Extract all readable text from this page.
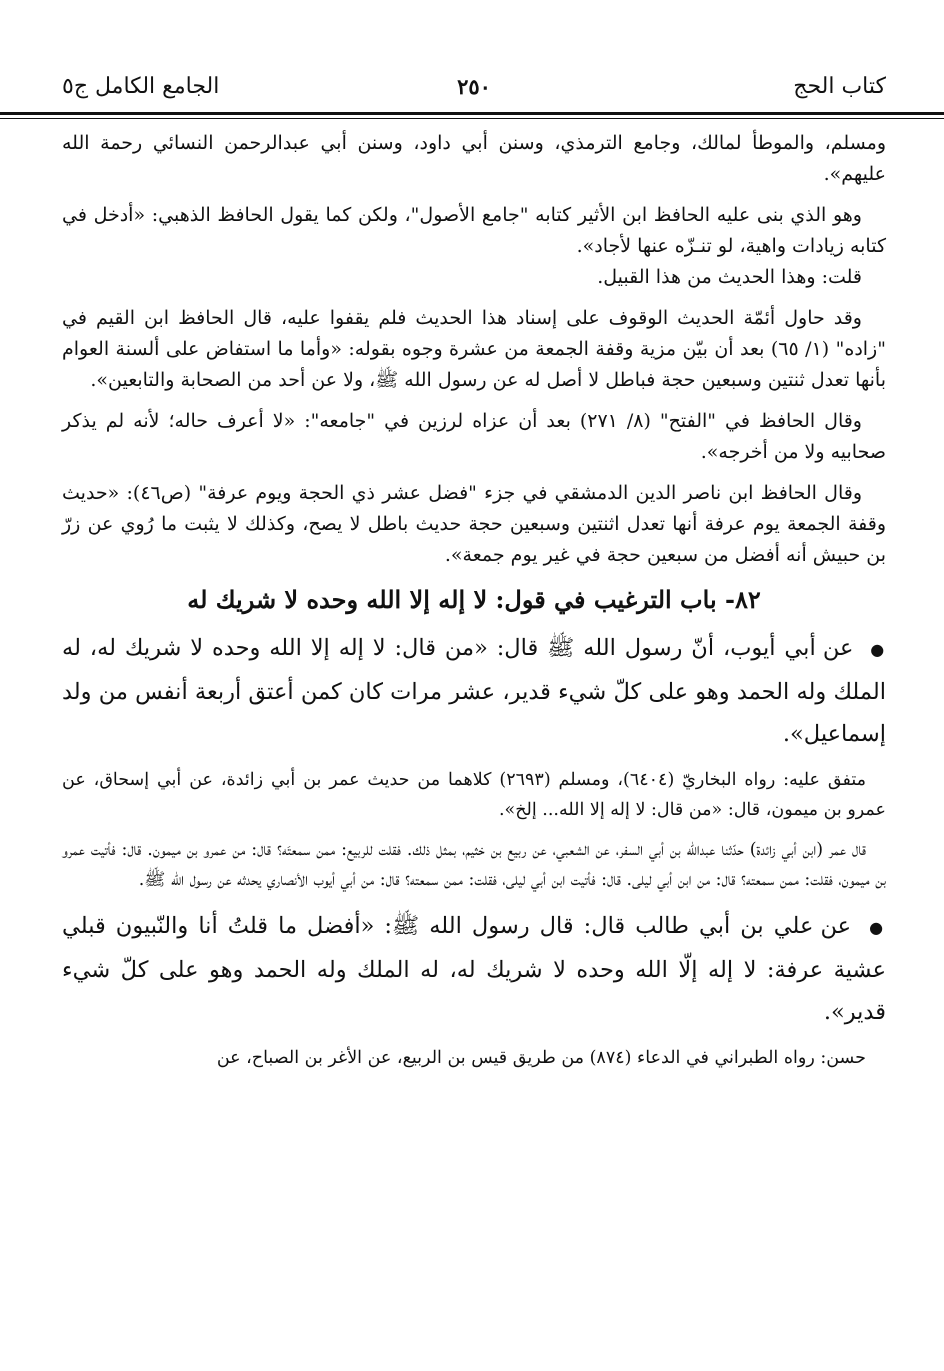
كتاب الحج
٢٥٠
الجامع الكامل ج٥

ومسلم، والموطأ لمالك، وجامع الترمذي، وسنن أبي داود، وسنن أبي عبدالرحمن النسائي رحمة الله عليهم».

وهو الذي بنى عليه الحافظ ابن الأثير كتابه "جامع الأصول"، ولكن كما يقول الحافظ الذهبي: «أدخل في كتابه زيادات واهية، لو تنـزّه عنها لأجاد».

قلت: وهذا الحديث من هذا القبيل.

وقد حاول أئمّة الحديث الوقوف على إسناد هذا الحديث فلم يقفوا عليه، قال الحافظ ابن القيم في "زاده" (١/ ٦٥) بعد أن بيّن مزية وقفة الجمعة من عشرة وجوه بقوله: «وأما ما استفاض على ألسنة العوام بأنها تعدل ثنتين وسبعين حجة فباطل لا أصل له عن رسول الله ﷺ، ولا عن أحد من الصحابة والتابعين».

وقال الحافظ في "الفتح" (٨/ ٢٧١) بعد أن عزاه لرزين في "جامعه": «لا أعرف حاله؛ لأنه لم يذكر صحابيه ولا من أخرجه».

وقال الحافظ ابن ناصر الدين الدمشقي في جزء "فضل عشر ذي الحجة ويوم عرفة" (ص٤٦): «حديث وقفة الجمعة يوم عرفة أنها تعدل اثنتين وسبعين حجة حديث باطل لا يصح، وكذلك لا يثبت ما رُوي عن زرّ بن حبيش أنه أفضل من سبعين حجة في غير يوم جمعة».

٨٢- باب الترغيب في قول: لا إله إلا الله وحده لا شريك له

● عن أبي أيوب، أنّ رسول الله ﷺ قال: «من قال: لا إله إلا الله وحده لا شريك له، له الملك وله الحمد وهو على كلّ شيء قدير، عشر مرات كان كمن أعتق أربعة أنفس من ولد إسماعيل».

متفق عليه: رواه البخاريّ (٦٤٠٤)، ومسلم (٢٦٩٣) كلاهما من حديث عمر بن أبي زائدة، عن أبي إسحاق، عن عمرو بن ميمون، قال: «من قال: لا إله إلا الله... إلخ».

قال عمر (ابن أبي زائدة) حدّثنا عبدالله بن أبي السفر، عن الشعبي، عن ربيع بن خثيم، بمثل ذلك. فقلت للربيع: ممن سمعتَه؟ قال: من عمرو بن ميمون. قال: فأتيت عمرو بن ميمون، فقلت: ممن سمعته؟ قال: من ابن أبي ليلى. قال: فأتيت ابن أبي ليلى، فقلت: ممن سمعته؟ قال: من أبي أيوب الأنصاري يحدثه عن رسول الله ﷺ.

● عن علي بن أبي طالب قال: قال رسول الله ﷺ: «أفضل ما قلتُ أنا والنّبيون قبلي عشية عرفة: لا إله إلّا الله وحده لا شريك له، له الملك وله الحمد وهو على كلّ شيء قدير».

حسن: رواه الطبراني في الدعاء (٨٧٤) من طريق قيس بن الربيع، عن الأغر بن الصباح، عن
